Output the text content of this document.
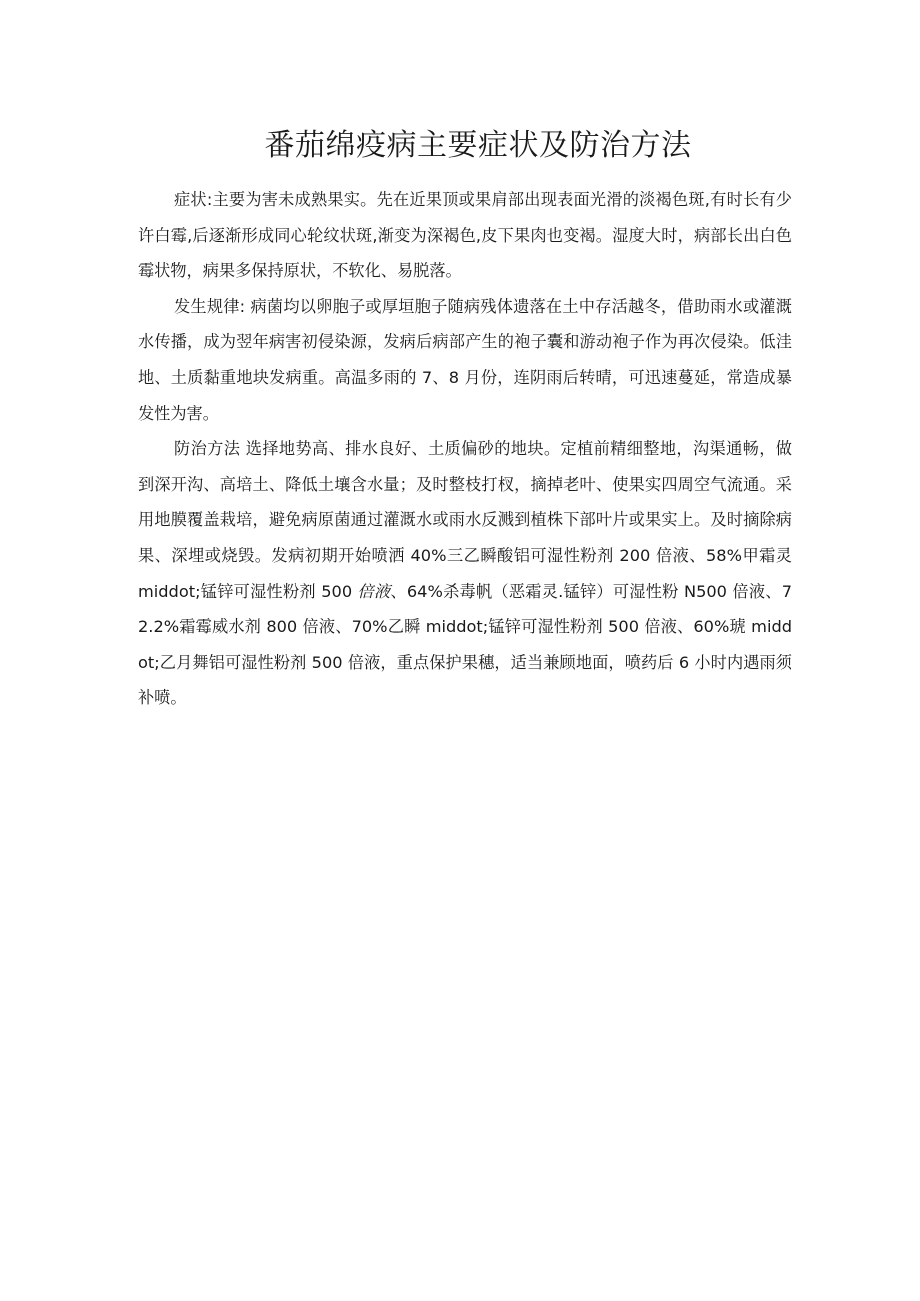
番茄绵疫病主要症状及防治方法

症状:主要为害未成熟果实。先在近果顶或果肩部出现表面光滑的淡褐色斑,有时长有少许白霉,后逐渐形成同心轮纹状斑,渐变为深褐色,皮下果肉也变褐。湿度大时，病部长出白色霉状物，病果多保持原状，不软化、易脱落。

发生规律: 病菌均以卵胞子或厚垣胞子随病残体遗落在土中存活越冬，借助雨水或灌溉水传播，成为翌年病害初侵染源，发病后病部产生的袍子囊和游动袍子作为再次侵染。低洼地、土质黏重地块发病重。高温多雨的 7、8 月份，连阴雨后转晴，可迅速蔓延，常造成暴发性为害。

防治方法 选择地势高、排水良好、土质偏砂的地块。定植前精细整地，沟渠通畅，做到深开沟、高培土、降低土壤含水量；及时整枝打杈，摘掉老叶、使果实四周空气流通。采用地膜覆盖栽培，避免病原菌通过灌溉水或雨水反溅到植株下部叶片或果实上。及时摘除病果、深埋或烧毁。发病初期开始喷洒 40%三乙瞬酸铝可湿性粉剂 200 倍液、58%甲霜灵 middot;锰锌可湿性粉剂 500 倍液、64%杀毒帆（恶霜灵.锰锌）可湿性粉 N500 倍液、72.2%霜霉威水剂 800 倍液、70%乙瞬 middot;锰锌可湿性粉剂 500 倍液、60%琥 middot;乙月舞铝可湿性粉剂 500 倍液，重点保护果穗，适当兼顾地面，喷药后 6 小时内遇雨须补喷。
